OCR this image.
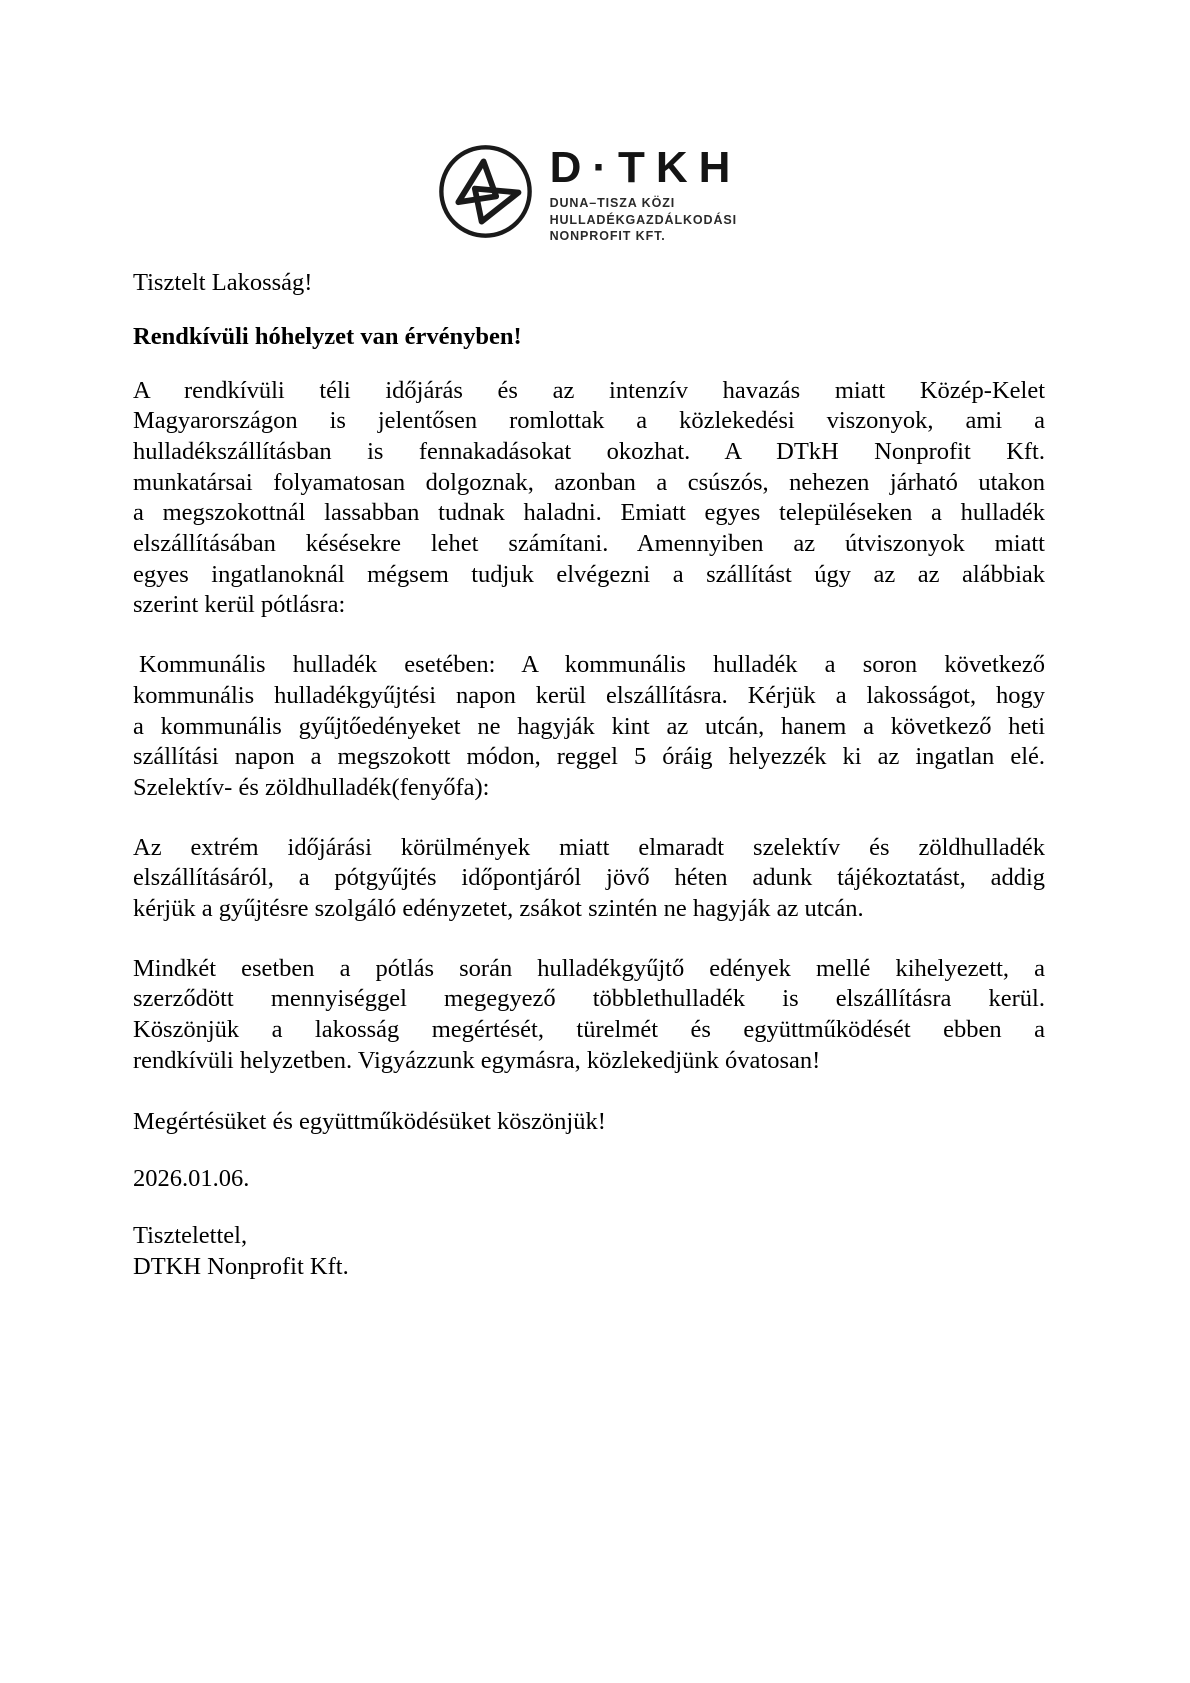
D·TKH
DUNA–TISZA KÖZI
HULLADÉKGAZDÁLKODÁSI
NONPROFIT KFT.
Tisztelt Lakosság!
Rendkívüli hóhelyzet van érvényben!
A rendkívüli téli időjárás és az intenzív havazás miatt Közép-Kelet
Magyarországon is jelentősen romlottak a közlekedési viszonyok, ami a
hulladékszállításban is fennakadásokat okozhat. A DTkH Nonprofit Kft.
munkatársai folyamatosan dolgoznak, azonban a csúszós, nehezen járható utakon
a megszokottnál lassabban tudnak haladni. Emiatt egyes településeken a hulladék
elszállításában késésekre lehet számítani. Amennyiben az útviszonyok miatt
egyes ingatlanoknál mégsem tudjuk elvégezni a szállítást úgy az az alábbiak
szerint kerül pótlásra:
Kommunális hulladék esetében: A kommunális hulladék a soron következő
kommunális hulladékgyűjtési napon kerül elszállításra. Kérjük a lakosságot, hogy
a kommunális gyűjtőedényeket ne hagyják kint az utcán, hanem a következő heti
szállítási napon a megszokott módon, reggel 5 óráig helyezzék ki az ingatlan elé.
Szelektív- és zöldhulladék(fenyőfa):
Az extrém időjárási körülmények miatt elmaradt szelektív és zöldhulladék
elszállításáról, a pótgyűjtés időpontjáról jövő héten adunk tájékoztatást, addig
kérjük a gyűjtésre szolgáló edényzetet, zsákot szintén ne hagyják az utcán.
Mindkét esetben a pótlás során hulladékgyűjtő edények mellé kihelyezett, a
szerződött mennyiséggel megegyező többlethulladék is elszállításra kerül.
Köszönjük a lakosság megértését, türelmét és együttműködését ebben a
rendkívüli helyzetben. Vigyázzunk egymásra, közlekedjünk óvatosan!
Megértésüket és együttműködésüket köszönjük!
2026.01.06.
Tisztelettel,
DTKH Nonprofit Kft.
